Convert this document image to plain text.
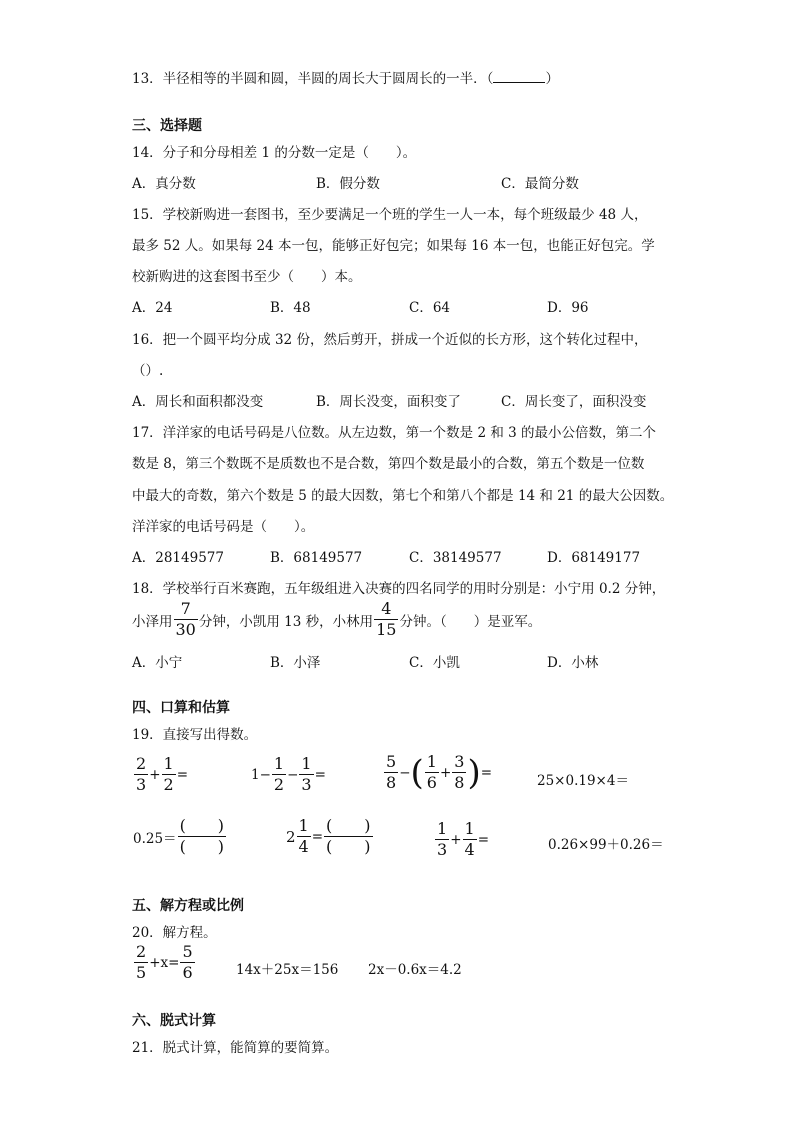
13．半径相等的半圆和圆，半圆的周长大于圆周长的一半．（	）
三、选择题
14．分子和分母相差 1 的分数一定是（　　）。
A．真分数	B．假分数	C．最简分数
15．学校新购进一套图书，至少要满足一个班的学生一人一本，每个班级最少 48 人，
最多 52 人。如果每 24 本一包，能够正好包完；如果每 16 本一包，也能正好包完。学
校新购进的这套图书至少（　　）本。
A．24	B．48	C．64	D．96
16．把一个圆平均分成 32 份，然后剪开，拼成一个近似的长方形，这个转化过程中，
（）.
A．周长和面积都没变	B．周长没变，面积变了	C．周长变了，面积没变
17．洋洋家的电话号码是八位数。从左边数，第一个数是 2 和 3 的最小公倍数，第二个
数是 8，第三个数既不是质数也不是合数，第四个数是最小的合数，第五个数是一位数
中最大的奇数，第六个数是 5 的最大因数，第七个和第八个都是 14 和 21 的最大公因数。
洋洋家的电话号码是（　　）。
A．28149577	B．68149577	C．38149577	D．68149177
18．学校举行百米赛跑，五年级组进入决赛的四名同学的用时分别是：小宁用 0.2 分钟，
小泽用 $\frac{7}{30}$ 分钟，小凯用 13 秒，小林用 $\frac{4}{15}$ 分钟。（　　）是亚军。
A．小宁	B．小泽	C．小凯	D．小林
四、口算和估算
19．直接写出得数。
$\frac{2}{3} + \frac{1}{2}$ =	$1- \frac{1}{2} - \frac{1}{3}$ =	$\frac{5}{8}$ − ( $\frac{1}{6} + \frac{3}{8}$ ) =
25×0.19×4＝
$0.25= \frac{( )}{( )}$	$2 \frac{1}{4} = \frac{( )}{( )}$	$\frac{1}{3} + \frac{1}{4}$ =	0.26×99＋0.26＝
五、解方程或比例
20．解方程。
$\frac{2}{5} +x= \frac{5}{6}$	14x＋25x＝156 2x－0.6x＝4.2
六、脱式计算
21．脱式计算，能简算的要简算。
